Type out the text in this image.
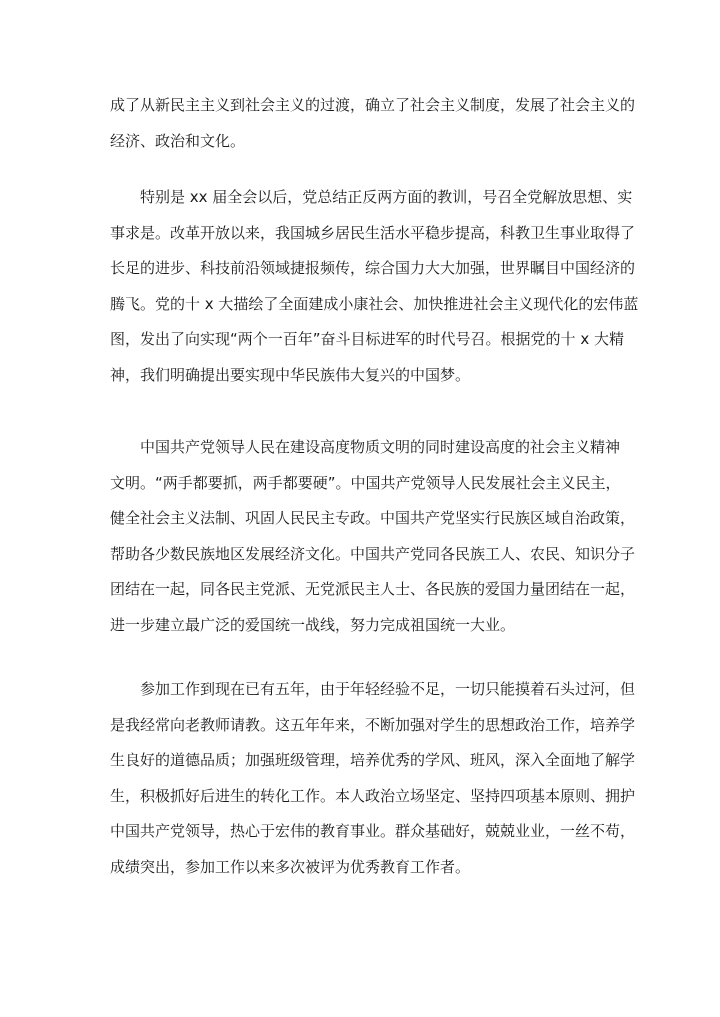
成了从新民主主义到社会主义的过渡，确立了社会主义制度，发展了社会主义的
经济、政治和文化。
特别是 xx 届全会以后，党总结正反两方面的教训，号召全党解放思想、实
事求是。改革开放以来，我国城乡居民生活水平稳步提高，科教卫生事业取得了
长足的进步、科技前沿领域捷报频传，综合国力大大加强，世界瞩目中国经济的
腾飞。党的十 x 大描绘了全面建成小康社会、加快推进社会主义现代化的宏伟蓝
图，发出了向实现“两个一百年”奋斗目标进军的时代号召。根据党的十 x 大精
神，我们明确提出要实现中华民族伟大复兴的中国梦。
中国共产党领导人民在建设高度物质文明的同时建设高度的社会主义精神
文明。“两手都要抓，两手都要硬”。中国共产党领导人民发展社会主义民主，
健全社会主义法制、巩固人民民主专政。中国共产党坚实行民族区域自治政策，
帮助各少数民族地区发展经济文化。中国共产党同各民族工人、农民、知识分子
团结在一起，同各民主党派、无党派民主人士、各民族的爱国力量团结在一起，
进一步建立最广泛的爱国统一战线，努力完成祖国统一大业。
参加工作到现在已有五年，由于年轻经验不足，一切只能摸着石头过河，但
是我经常向老教师请教。这五年年来，不断加强对学生的思想政治工作，培养学
生良好的道德品质；加强班级管理，培养优秀的学风、班风，深入全面地了解学
生，积极抓好后进生的转化工作。本人政治立场坚定、坚持四项基本原则、拥护
中国共产党领导，热心于宏伟的教育事业。群众基础好，兢兢业业，一丝不苟，
成绩突出，参加工作以来多次被评为优秀教育工作者。
